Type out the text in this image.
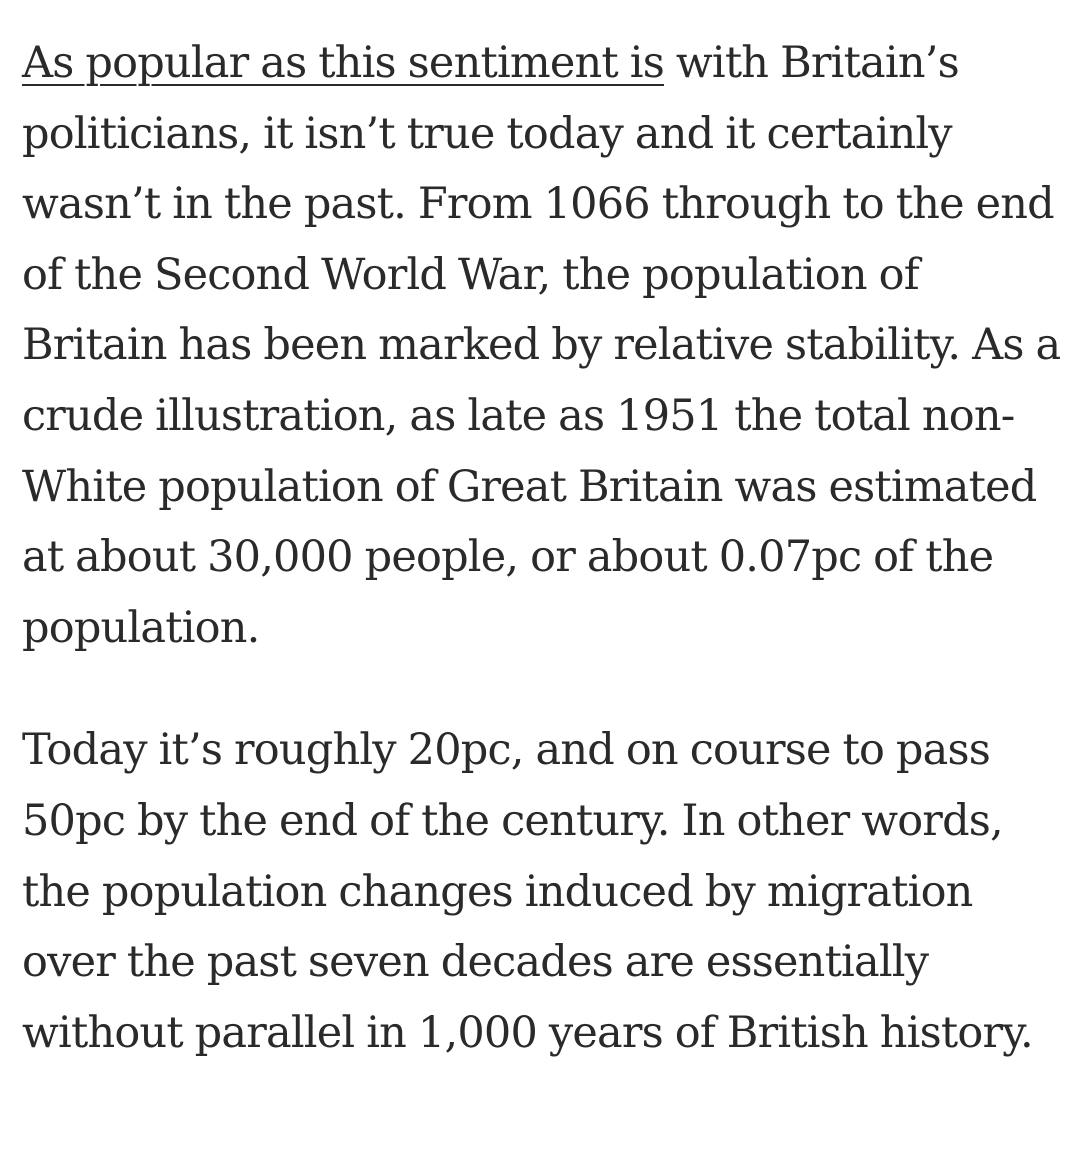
As popular as this sentiment is with Britain’s politicians, it isn’t true today and it certainly wasn’t in the past. From 1066 through to the end of the Second World War, the population of Britain has been marked by relative stability. As a crude illustration, as late as 1951 the total non-White population of Great Britain was estimated at about 30,000 people, or about 0.07pc of the population.

Today it’s roughly 20pc, and on course to pass 50pc by the end of the century. In other words, the population changes induced by migration over the past seven decades are essentially without parallel in 1,000 years of British history.
